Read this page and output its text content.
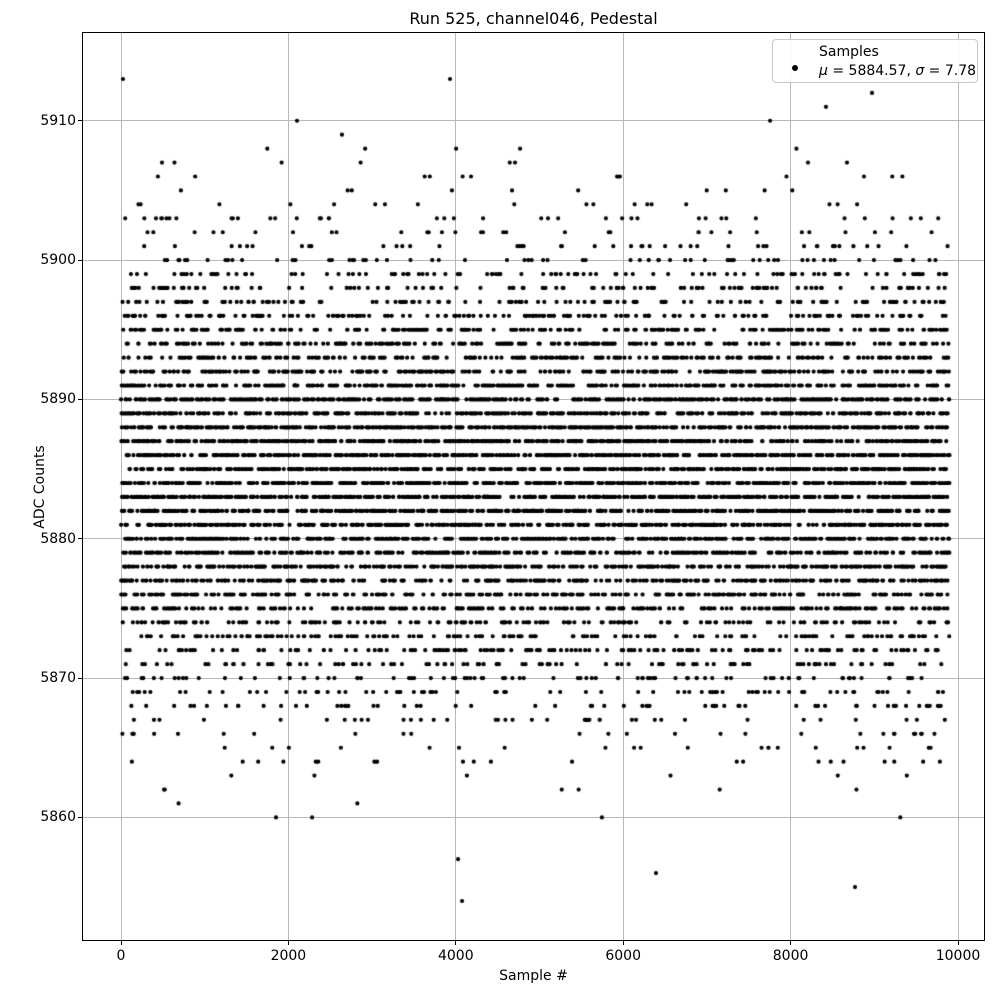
Run 525, channel046, Pedestal
Sample #
ADC Counts
Samples
μ = 5884.57, σ = 7.78
0	2000	4000	6000	8000	10000
5860
5870
5880
5890
5900
5910
